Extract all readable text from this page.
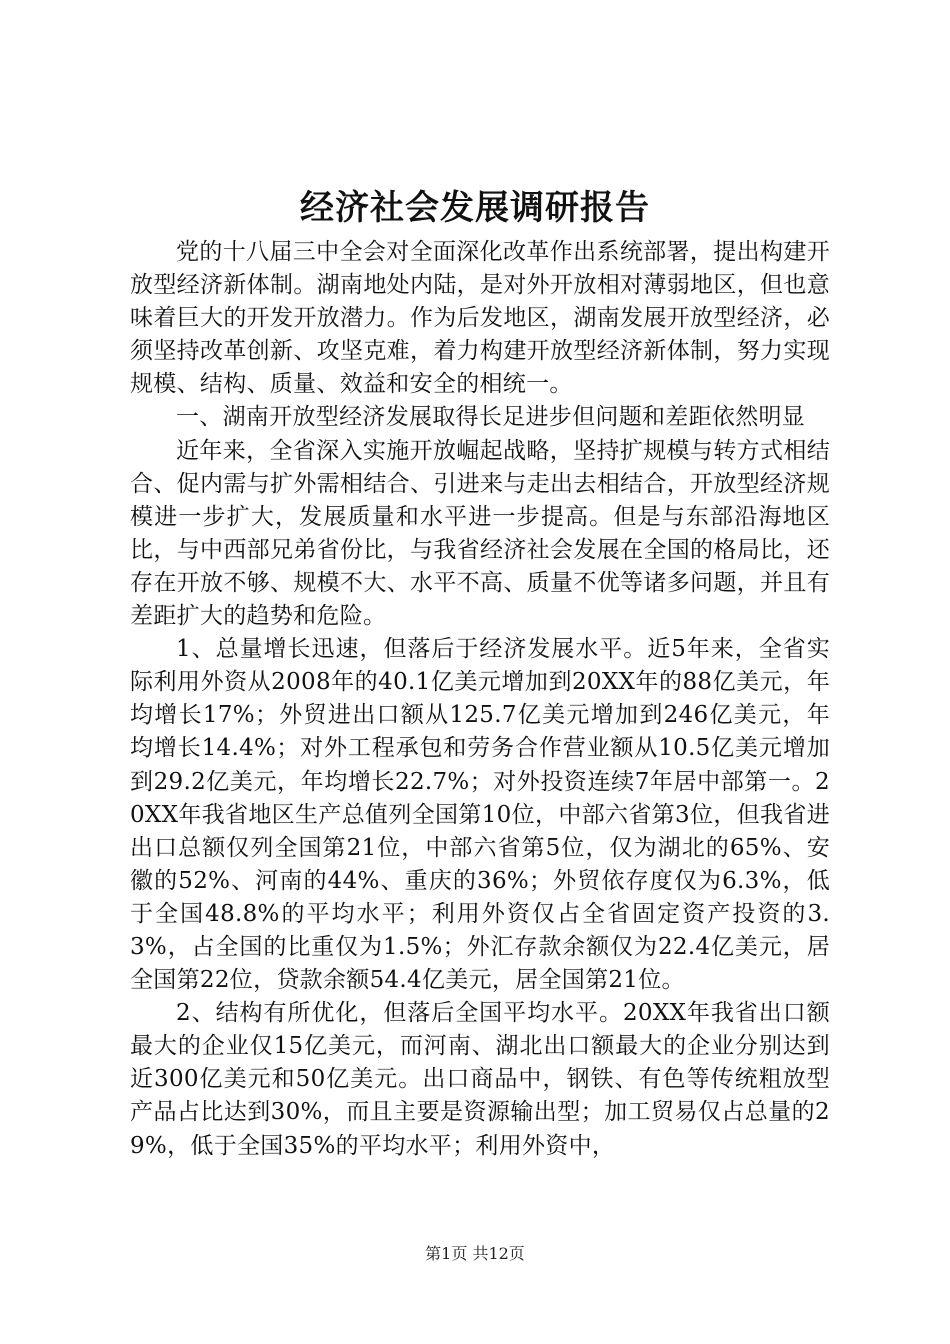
经济社会发展调研报告

党的十八届三中全会对全面深化改革作出系统部署，提出构建开放型经济新体制。湖南地处内陆，是对外开放相对薄弱地区，但也意味着巨大的开发开放潜力。作为后发地区，湖南发展开放型经济，必须坚持改革创新、攻坚克难，着力构建开放型经济新体制，努力实现规模、结构、质量、效益和安全的相统一。

一、湖南开放型经济发展取得长足进步但问题和差距依然明显

近年来，全省深入实施开放崛起战略，坚持扩规模与转方式相结合、促内需与扩外需相结合、引进来与走出去相结合，开放型经济规模进一步扩大，发展质量和水平进一步提高。但是与东部沿海地区比，与中西部兄弟省份比，与我省经济社会发展在全国的格局比，还存在开放不够、规模不大、水平不高、质量不优等诸多问题，并且有差距扩大的趋势和危险。

1、总量增长迅速，但落后于经济发展水平。近5年来，全省实际利用外资从2008年的40.1亿美元增加到20XX年的88亿美元，年均增长17%；外贸进出口额从125.7亿美元增加到246亿美元，年均增长14.4%；对外工程承包和劳务合作营业额从10.5亿美元增加到29.2亿美元，年均增长22.7%；对外投资连续7年居中部第一。20XX年我省地区生产总值列全国第10位，中部六省第3位，但我省进出口总额仅列全国第21位，中部六省第5位，仅为湖北的65%、安徽的52%、河南的44%、重庆的36%；外贸依存度仅为6.3%，低于全国48.8%的平均水平；利用外资仅占全省固定资产投资的3.3%，占全国的比重仅为1.5%；外汇存款余额仅为22.4亿美元，居全国第22位，贷款余额54.4亿美元，居全国第21位。

2、结构有所优化，但落后全国平均水平。20XX年我省出口额最大的企业仅15亿美元，而河南、湖北出口额最大的企业分别达到近300亿美元和50亿美元。出口商品中，钢铁、有色等传统粗放型产品占比达到30%，而且主要是资源输出型；加工贸易仅占总量的29%，低于全国35%的平均水平；利用外资中，

第1页 共12页
